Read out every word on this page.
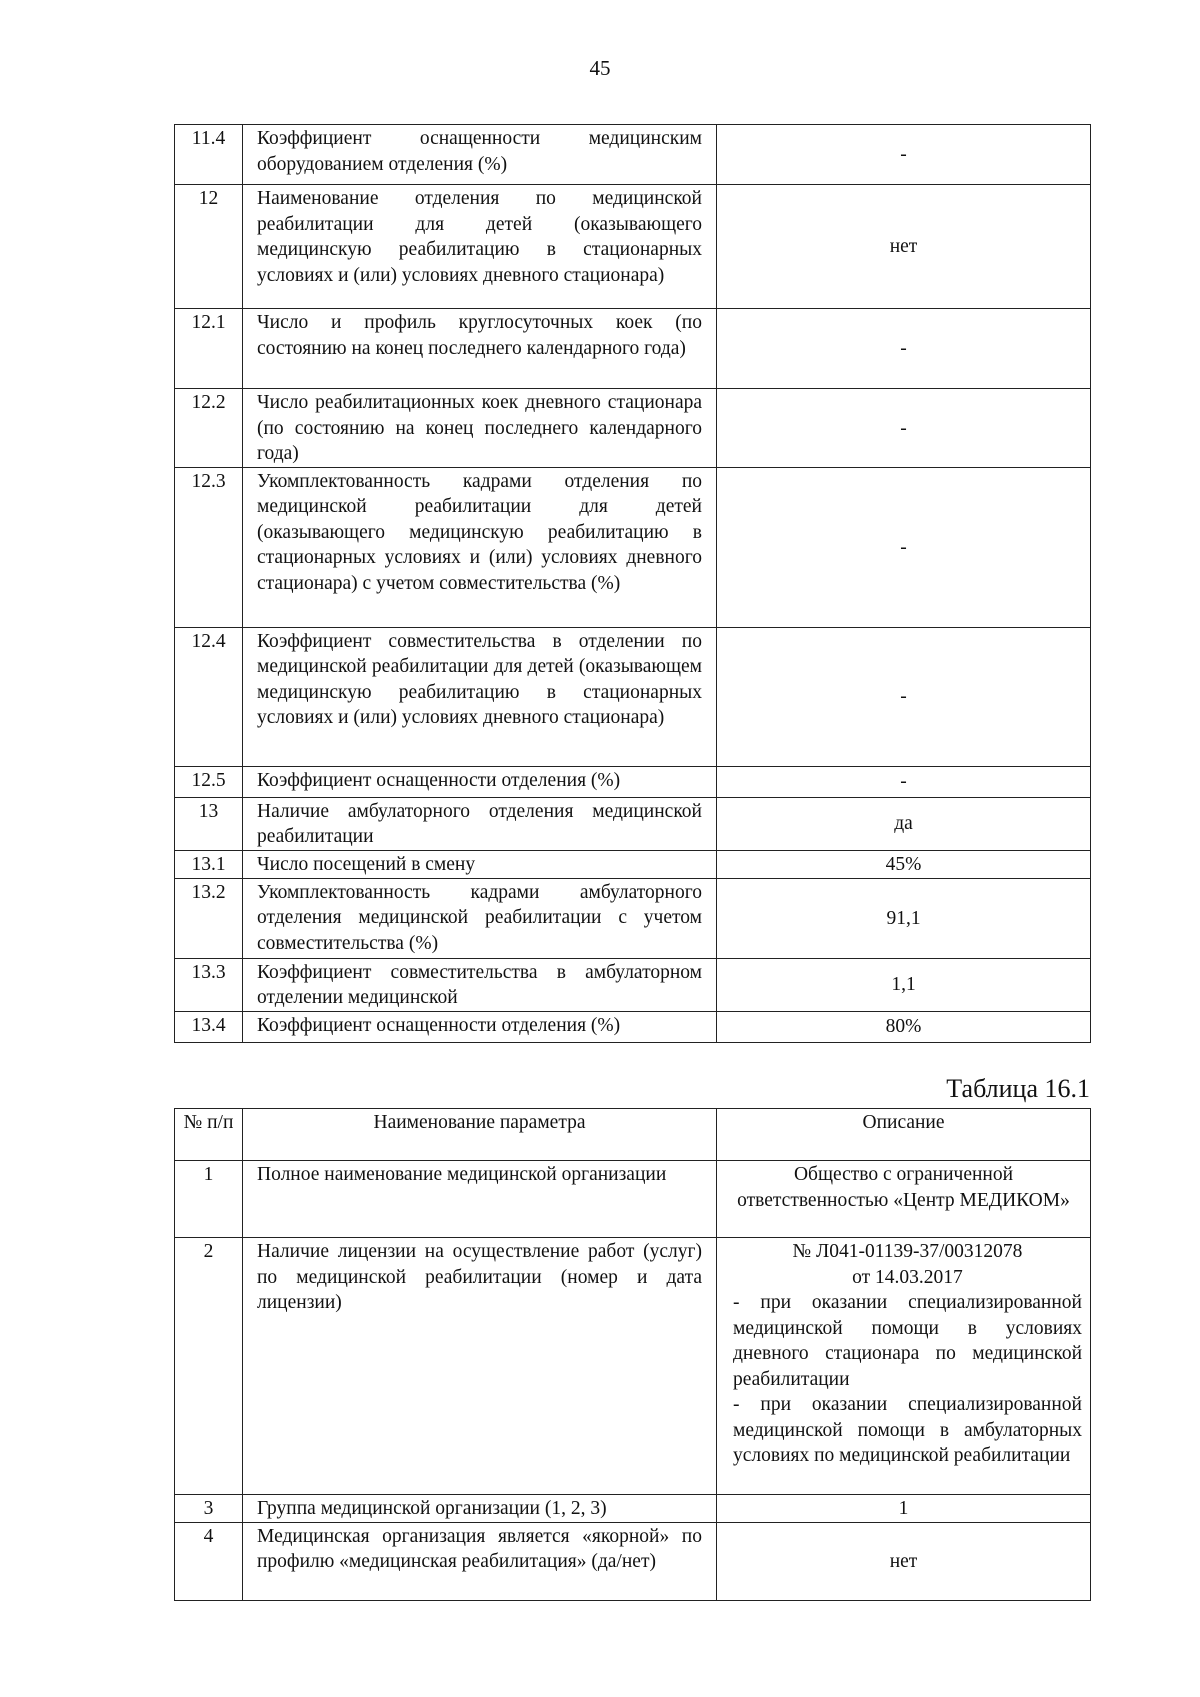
45
11.4	Коэффициент оснащенности медицинским оборудованием отделения (%)	-
12	Наименование отделения по медицинской реабилитации для детей (оказывающего медицинскую реабилитацию в стационарных условиях и (или) условиях дневного стационара)	нет
12.1	Число и профиль круглосуточных коек (по состоянию на конец последнего календарного года)	-
12.2	Число реабилитационных коек дневного стационара (по состоянию на конец последнего календарного года)	-
12.3	Укомплектованность кадрами отделения по медицинской реабилитации для детей (оказывающего медицинскую реабилитацию в стационарных условиях и (или) условиях дневного стационара) с учетом совместительства (%)	-
12.4	Коэффициент совместительства в отделении по медицинской реабилитации для детей (оказывающем медицинскую реабилитацию в стационарных условиях и (или) условиях дневного стационара)	-
12.5	Коэффициент оснащенности отделения (%)	-
13	Наличие амбулаторного отделения медицинской реабилитации	да
13.1	Число посещений в смену	45%
13.2	Укомплектованность кадрами амбулаторного отделения медицинской реабилитации с учетом совместительства (%)	91,1
13.3	Коэффициент совместительства в амбулаторном отделении медицинской	1,1
13.4	Коэффициент оснащенности отделения (%)	80%
Таблица 16.1
№ п/п	Наименование параметра	Описание
1	Полное наименование медицинской организации	Общество с ограниченной ответственностью «Центр МЕДИКОМ»
2	Наличие лицензии на осуществление работ (услуг) по медицинской реабилитации (номер и дата лицензии)	№ Л041-01139-37/00312078
от 14.03.2017
- при оказании специализированной медицинской помощи в условиях дневного стационара по медицинской реабилитации
- при оказании специализированной медицинской помощи в амбулаторных условиях по медицинской реабилитации

3	Группа медицинской организации (1, 2, 3)	1
4	Медицинская организация является «якорной» по профилю «медицинская реабилитация» (да/нет)	нет
